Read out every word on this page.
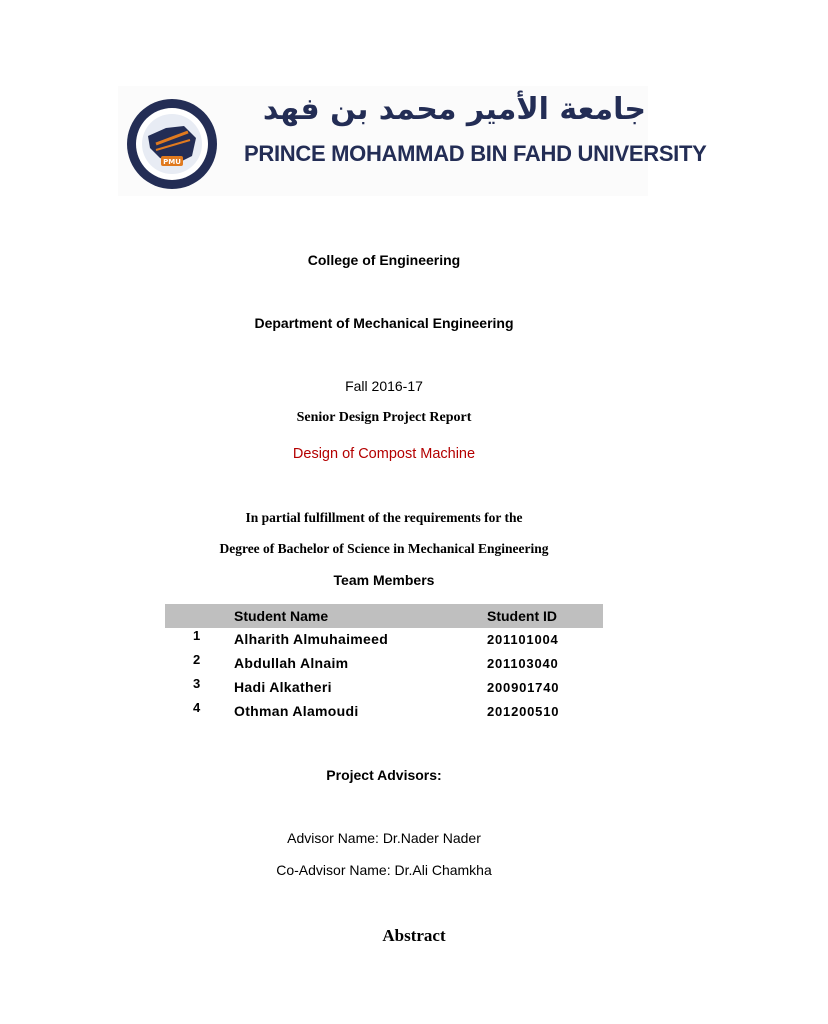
PMU
جامعة الأمير محمد بن فهد
PRINCE MOHAMMAD BIN FAHD UNIVERSITY
College of Engineering
Department of Mechanical Engineering
Fall 2016-17
Senior Design Project Report
Design of Compost Machine
In partial fulfillment of the requirements for the
Degree of Bachelor of Science in Mechanical Engineering
Team Members
Student Name	Student ID
1 Alharith Almuhaimeed	201101004
2 Abdullah Alnaim	201103040
3 Hadi Alkatheri	200901740
4 Othman Alamoudi	201200510
Project Advisors:
Advisor Name: Dr.Nader Nader
Co-Advisor Name: Dr.Ali Chamkha
Abstract
